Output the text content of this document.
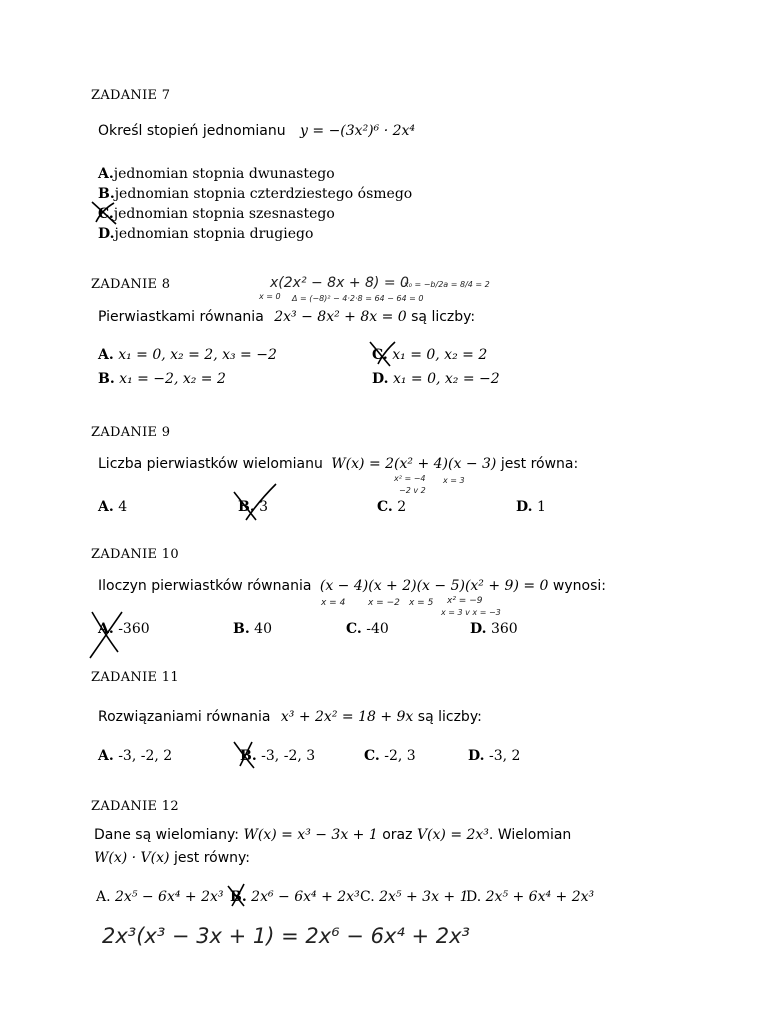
ZADANIE 7
Określ stopień jednomianu y = −(3x²)⁶ · 2x⁴
A.jednomian stopnia dwunastego
B.jednomian stopnia czterdziestego ósmego
C.jednomian stopnia szesnastego
D.jednomian stopnia drugiego
ZADANIE 8	x(2x² − 8x + 8) = 0
x = 0 Δ = (−8)² − 4·2·8 = 64 − 64 = 0
x₀ = −b/2a = 8/4 = 2
Pierwiastkami równania 2x³ − 8x² + 8x = 0 są liczby:
A. x₁ = 0, x₂ = 2, x₃ = −2	C. x₁ = 0, x₂ = 2
B. x₁ = −2, x₂ = 2	D. x₁ = 0, x₂ = −2
ZADANIE 9
Liczba pierwiastków wielomianu W(x) = 2(x² + 4)(x − 3) jest równa:
x² = −4
−2 v 2
x = 3
A. 4	B. 3	C. 2	D. 1
ZADANIE 10
Iloczyn pierwiastków równania (x − 4)(x + 2)(x − 5)(x² + 9) = 0 wynosi:
x = 4	x = −2 x = 5 x² = −9
x = 3 v x = −3
A. -360	B. 40	C. -40	D. 360
ZADANIE 11
Rozwiązaniami równania x³ + 2x² = 18 + 9x są liczby:
A. -3, -2, 2	B. -3, -2, 3	C. -2, 3	D. -3, 2
ZADANIE 12
Dane są wielomiany: W(x) = x³ − 3x + 1 oraz V(x) = 2x³. Wielomian
W(x) · V(x) jest równy:
A. 2x⁵ − 6x⁴ + 2x³ B. 2x⁶ − 6x⁴ + 2x³ C. 2x⁵ + 3x + 1
D. 2x⁵ + 6x⁴ + 2x³
2x³(x³ − 3x + 1) = 2x⁶ − 6x⁴ + 2x³
